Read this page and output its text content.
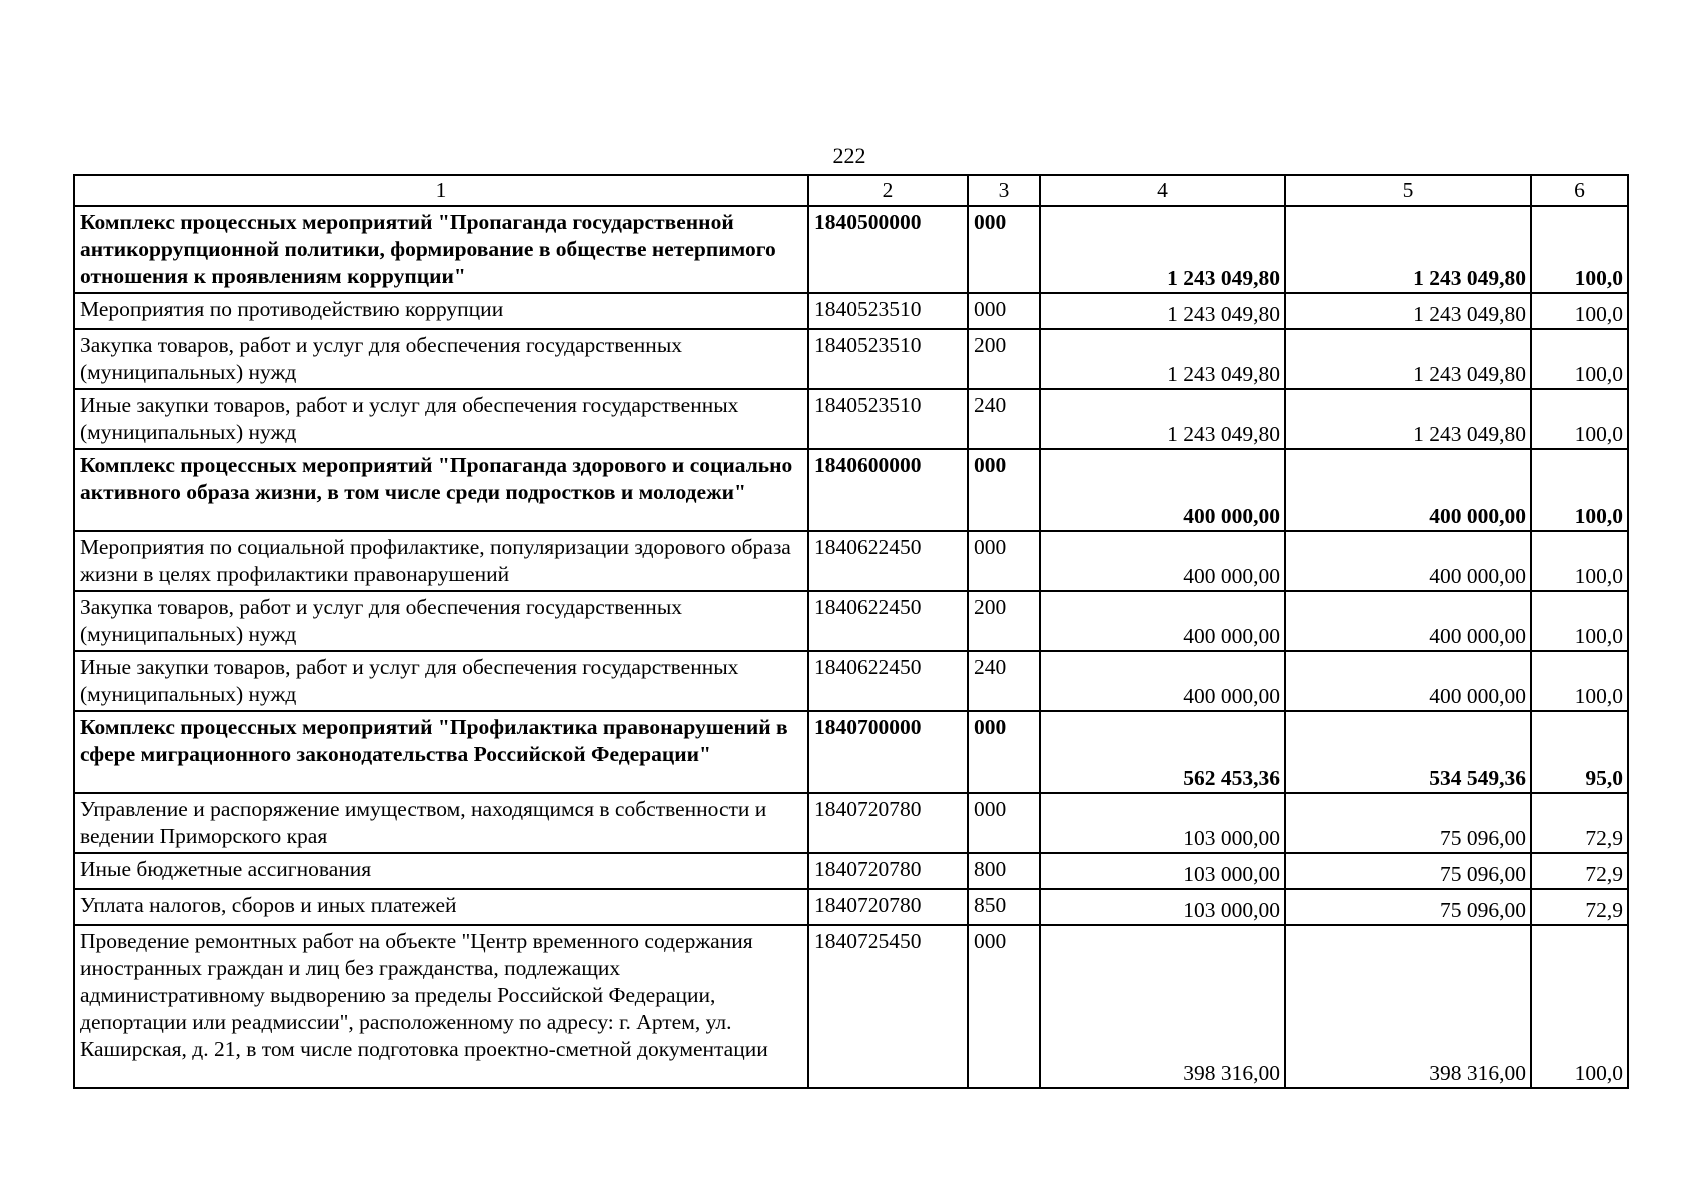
222
1	2	3	4	5	6
Комплекс процессных мероприятий "Пропаганда государственной антикоррупционной политики, формирование в обществе нетерпимого отношения к проявлениям коррупции"	1840500000	000	1 243 049,80	1 243 049,80	100,0
Мероприятия по противодействию коррупции	1840523510	000	1 243 049,80	1 243 049,80	100,0
Закупка товаров, работ и услуг для обеспечения государственных (муниципальных) нужд	1840523510	200	1 243 049,80	1 243 049,80	100,0
Иные закупки товаров, работ и услуг для обеспечения государственных (муниципальных) нужд	1840523510	240	1 243 049,80	1 243 049,80	100,0
Комплекс процессных мероприятий "Пропаганда здорового и социально активного образа жизни, в том числе среди подростков и молодежи"	1840600000	000	400 000,00	400 000,00	100,0
Мероприятия по социальной профилактике, популяризации здорового образа жизни в целях профилактики правонарушений	1840622450	000	400 000,00	400 000,00	100,0
Закупка товаров, работ и услуг для обеспечения государственных (муниципальных) нужд	1840622450	200	400 000,00	400 000,00	100,0
Иные закупки товаров, работ и услуг для обеспечения государственных (муниципальных) нужд	1840622450	240	400 000,00	400 000,00	100,0
Комплекс процессных мероприятий "Профилактика правонарушений в сфере миграционного законодательства Российской Федерации"	1840700000	000	562 453,36	534 549,36	95,0
Управление и распоряжение имуществом, находящимся в собственности и ведении Приморского края	1840720780	000	103 000,00	75 096,00	72,9
Иные бюджетные ассигнования	1840720780	800	103 000,00	75 096,00	72,9
Уплата налогов, сборов и иных платежей	1840720780	850	103 000,00	75 096,00	72,9
Проведение ремонтных работ на объекте "Центр временного содержания иностранных граждан и лиц без гражданства, подлежащих административному выдворению за пределы Российской Федерации, депортации или реадмиссии", расположенному по адресу: г. Артем, ул. Каширская, д. 21, в том числе подготовка проектно-сметной документации	1840725450	000	398 316,00	398 316,00	100,0
